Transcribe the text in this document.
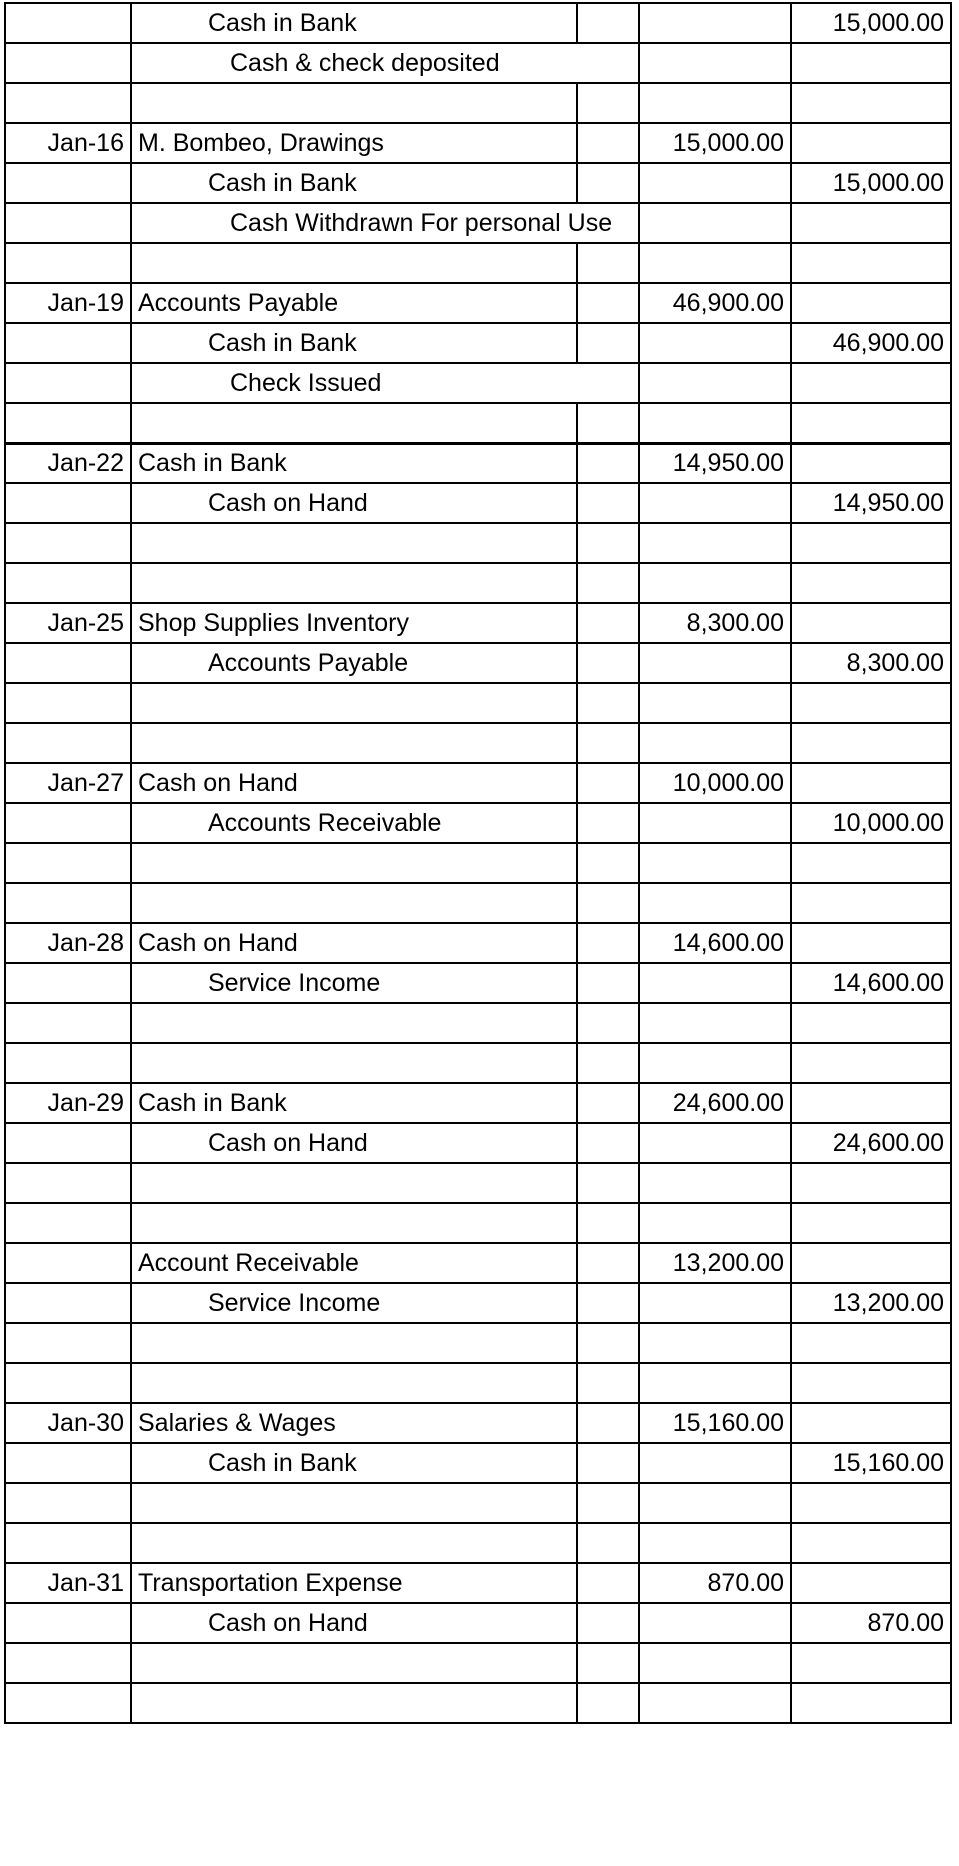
	Cash in Bank			15,000.00
	Cash & check deposited			

Jan-16	M. Bombeo, Drawings		15,000.00	
	Cash in Bank			15,000.00
	Cash Withdrawn For personal Use			

Jan-19	Accounts Payable		46,900.00	
	Cash in Bank			46,900.00
	Check Issued			

Jan-22	Cash in Bank		14,950.00	
	Cash on Hand			14,950.00

Jan-25	Shop Supplies Inventory		8,300.00	
	Accounts Payable			8,300.00

Jan-27	Cash on Hand		10,000.00	
	Accounts Receivable			10,000.00

Jan-28	Cash on Hand		14,600.00	
	Service Income			14,600.00

Jan-29	Cash in Bank		24,600.00	
	Cash on Hand			24,600.00

	Account Receivable		13,200.00	
	Service Income			13,200.00

Jan-30	Salaries & Wages		15,160.00	
	Cash in Bank			15,160.00

Jan-31	Transportation Expense		870.00	
	Cash on Hand			870.00
